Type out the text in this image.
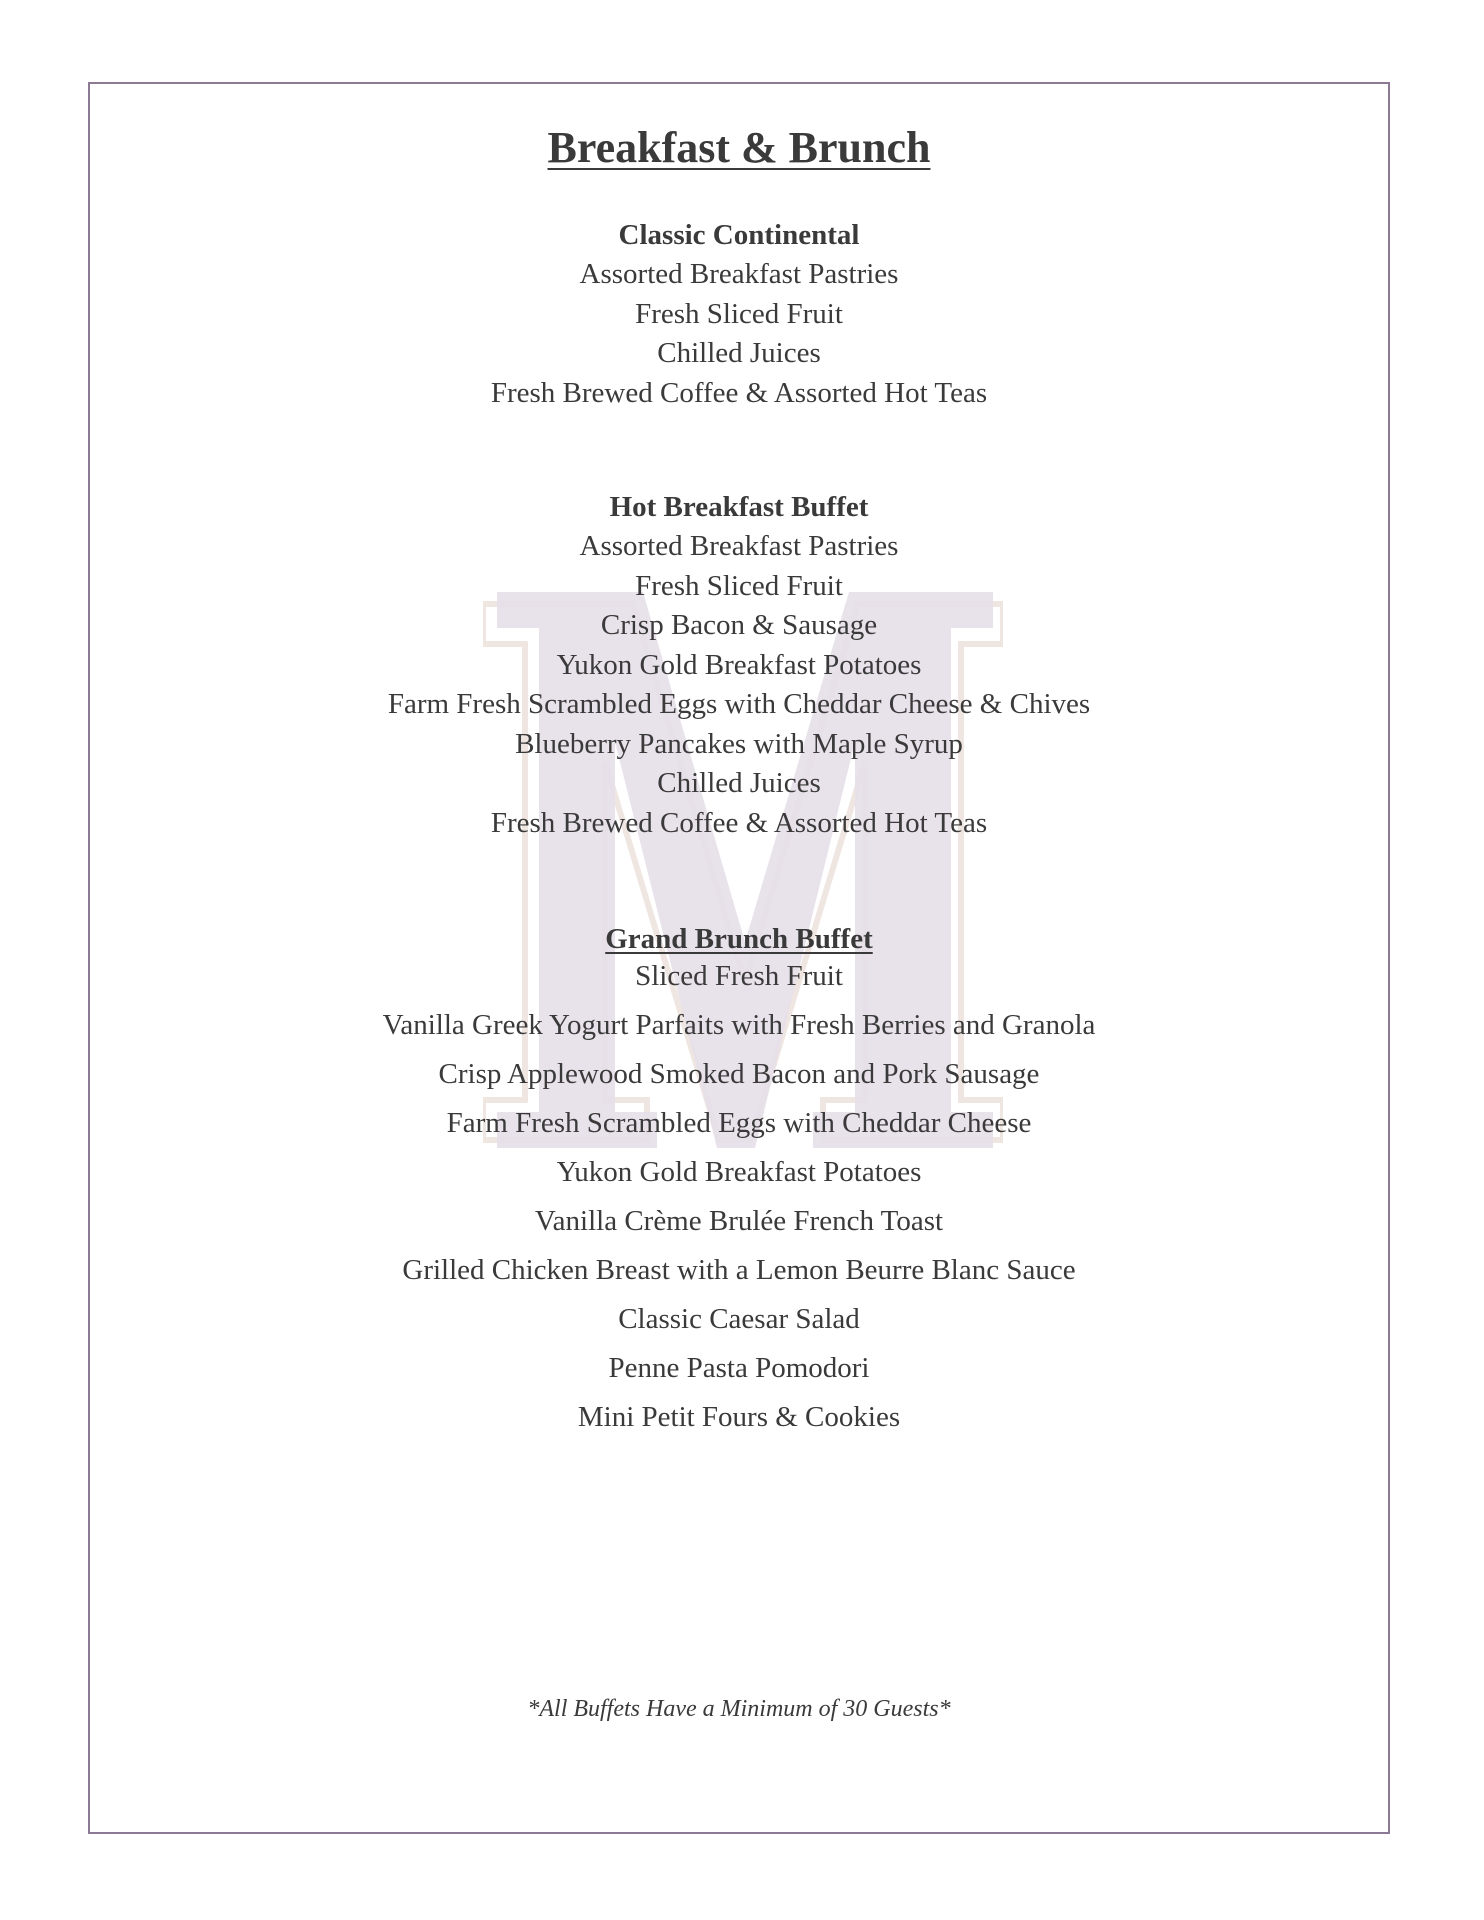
Breakfast & Brunch
Classic Continental
Assorted Breakfast Pastries
Fresh Sliced Fruit
Chilled Juices
Fresh Brewed Coffee & Assorted Hot Teas
Hot Breakfast Buffet
Assorted Breakfast Pastries
Fresh Sliced Fruit
Crisp Bacon & Sausage
Yukon Gold Breakfast Potatoes
Farm Fresh Scrambled Eggs with Cheddar Cheese & Chives
Blueberry Pancakes with Maple Syrup
Chilled Juices
Fresh Brewed Coffee & Assorted Hot Teas
Grand Brunch Buffet
Sliced Fresh Fruit
Vanilla Greek Yogurt Parfaits with Fresh Berries and Granola
Crisp Applewood Smoked Bacon and Pork Sausage
Farm Fresh Scrambled Eggs with Cheddar Cheese
Yukon Gold Breakfast Potatoes
Vanilla Crème Brulée French Toast
Grilled Chicken Breast with a Lemon Beurre Blanc Sauce
Classic Caesar Salad
Penne Pasta Pomodori
Mini Petit Fours & Cookies
*All Buffets Have a Minimum of 30 Guests*
